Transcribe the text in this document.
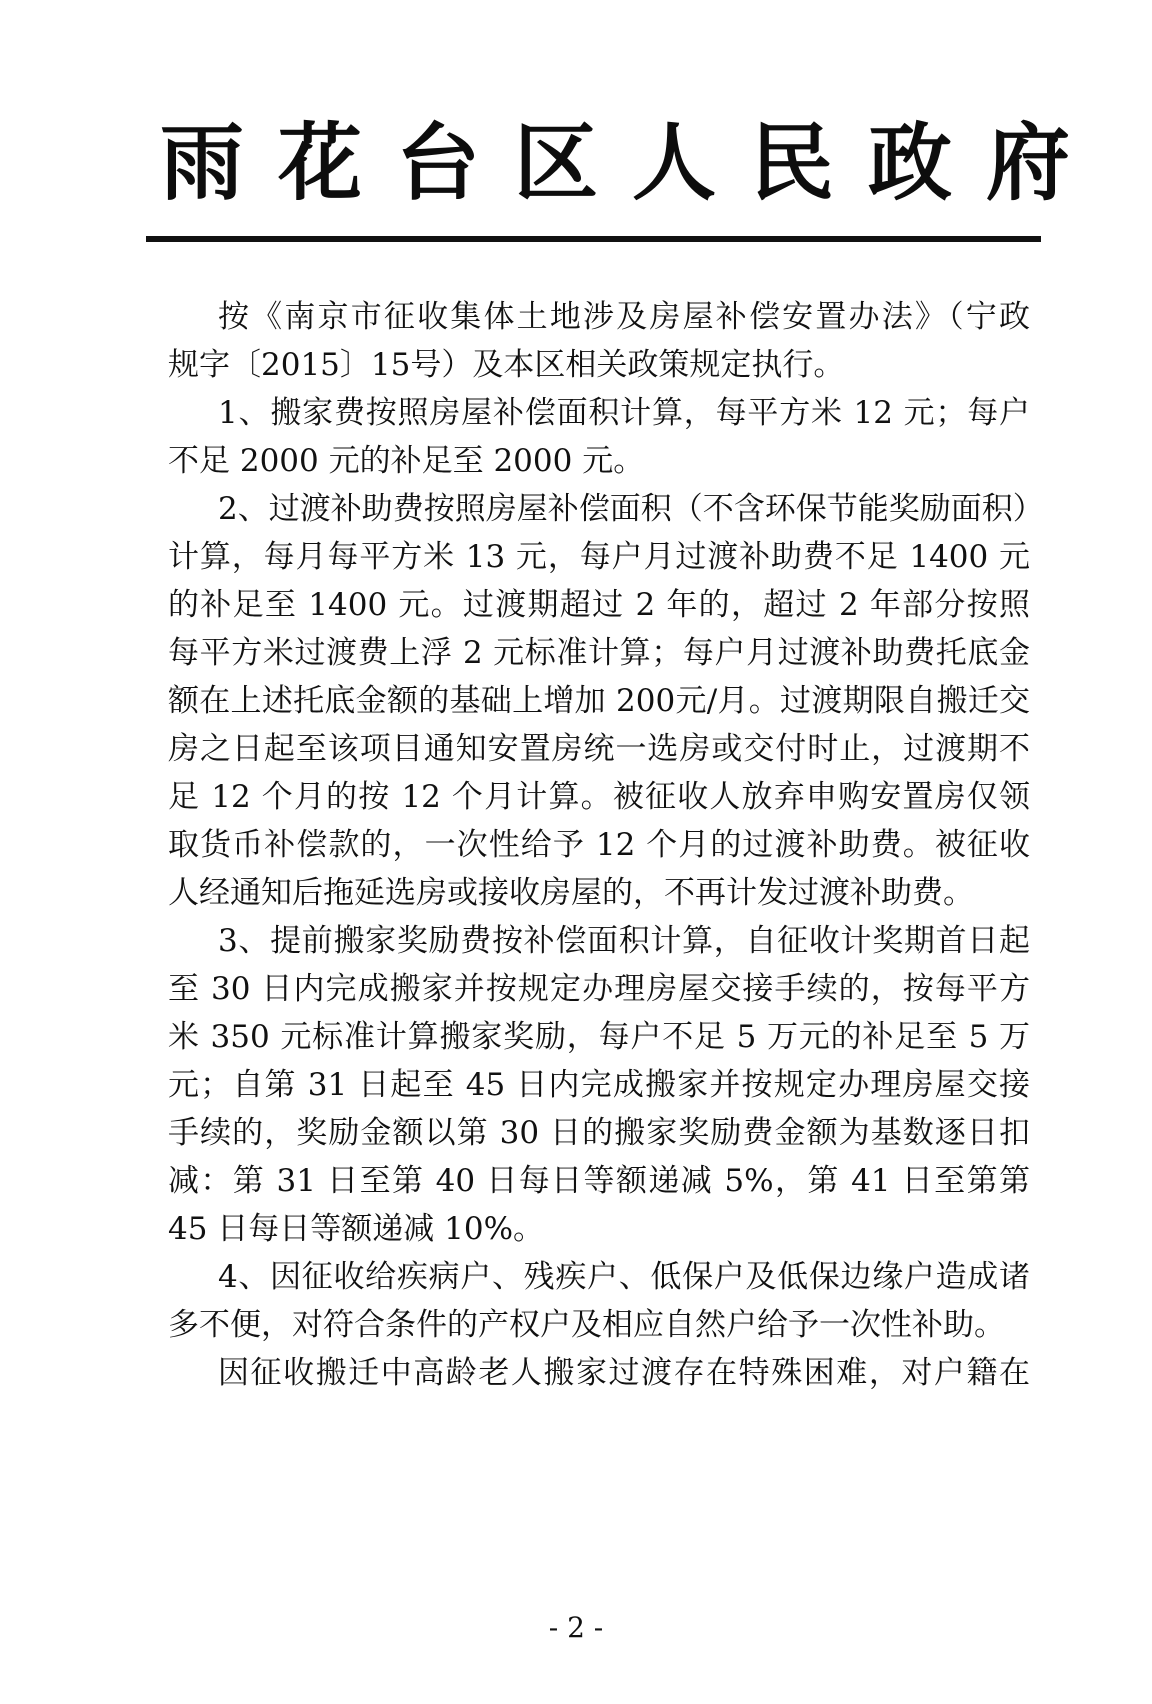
雨花台区人民政府
按《南京市征收集体土地涉及房屋补偿安置办法》（宁政
规字〔2015〕15号）及本区相关政策规定执行。
1、搬家费按照房屋补偿面积计算，每平方米 12 元；每户
不足 2000 元的补足至 2000 元。
2、过渡补助费按照房屋补偿面积（不含环保节能奖励面积）
计算，每月每平方米 13 元，每户月过渡补助费不足 1400 元
的补足至 1400 元。过渡期超过 2 年的，超过 2 年部分按照
每平方米过渡费上浮 2 元标准计算；每户月过渡补助费托底金
额在上述托底金额的基础上增加 200元/月。过渡期限自搬迁交
房之日起至该项目通知安置房统一选房或交付时止，过渡期不
足 12 个月的按 12 个月计算。被征收人放弃申购安置房仅领
取货币补偿款的，一次性给予 12 个月的过渡补助费。被征收
人经通知后拖延选房或接收房屋的，不再计发过渡补助费。
3、提前搬家奖励费按补偿面积计算，自征收计奖期首日起
至 30 日内完成搬家并按规定办理房屋交接手续的，按每平方
米 350 元标准计算搬家奖励，每户不足 5 万元的补足至 5 万
元；自第 31 日起至 45 日内完成搬家并按规定办理房屋交接
手续的，奖励金额以第 30 日的搬家奖励费金额为基数逐日扣
减：第 31 日至第 40 日每日等额递减 5%，第 41 日至第第
45 日每日等额递减 10%。
4、因征收给疾病户、残疾户、低保户及低保边缘户造成诸
多不便，对符合条件的产权户及相应自然户给予一次性补助。
因征收搬迁中高龄老人搬家过渡存在特殊困难，对户籍在
- 2 -
